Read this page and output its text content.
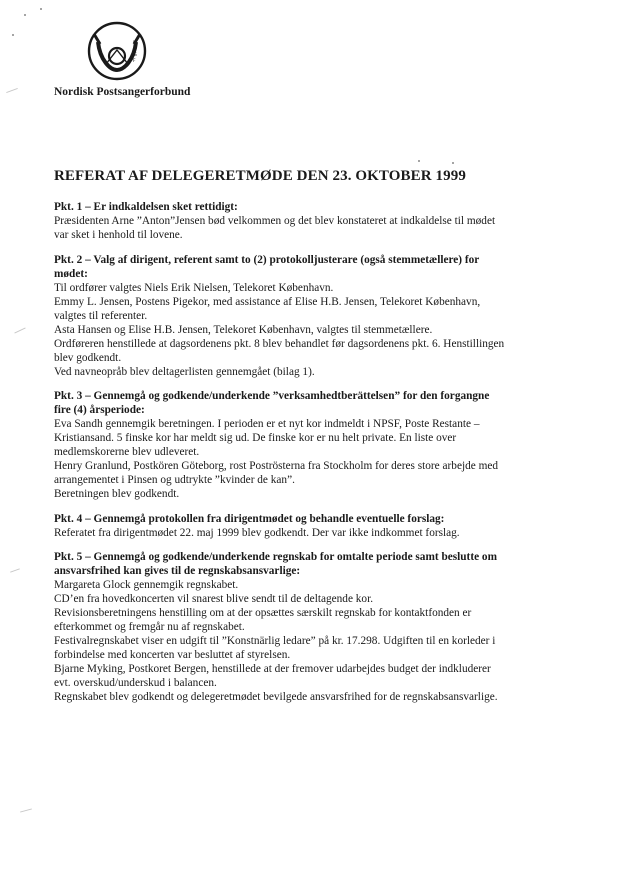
N
P
S
F
Nordisk Postsangerforbund
REFERAT AF DELEGERETMØDE DEN 23. OKTOBER 1999
Pkt. 1 – Er indkaldelsen sket rettidigt:
Præsidenten Arne ”Anton”Jensen bød velkommen og det blev konstateret at indkaldelse til mødet
var sket i henhold til lovene.
Pkt. 2 – Valg af dirigent, referent samt to (2) protokolljusterare (også stemmetællere) for
mødet:
Til ordfører valgtes Niels Erik Nielsen, Telekoret København.
Emmy L. Jensen, Postens Pigekor, med assistance af Elise H.B. Jensen, Telekoret København,
valgtes til referenter.
Asta Hansen og Elise H.B. Jensen, Telekoret København, valgtes til stemmetællere.
Ordføreren henstillede at dagsordenens pkt. 8 blev behandlet før dagsordenens pkt. 6. Henstillingen
blev godkendt.
Ved navneopråb blev deltagerlisten gennemgået (bilag 1).
Pkt. 3 – Gennemgå og godkende/underkende ”verksamhedtberättelsen” for den forgangne
fire (4) årsperiode:
Eva Sandh gennemgik beretningen. I perioden er et nyt kor indmeldt i NPSF, Poste Restante –
Kristiansand. 5 finske kor har meldt sig ud. De finske kor er nu helt private. En liste over
medlemskorerne blev udleveret.
Henry Granlund, Postkören Göteborg, rost Poströsterna fra Stockholm for deres store arbejde med
arrangementet i Pinsen og udtrykte ”kvinder de kan”.
Beretningen blev godkendt.
Pkt. 4 – Gennemgå protokollen fra dirigentmødet og behandle eventuelle forslag:
Referatet fra dirigentmødet 22. maj 1999 blev godkendt. Der var ikke indkommet forslag.
Pkt. 5 – Gennemgå og godkende/underkende regnskab for omtalte periode samt beslutte om
ansvarsfrihed kan gives til de regnskabsansvarlige:
Margareta Glock gennemgik regnskabet.
CD’en fra hovedkoncerten vil snarest blive sendt til de deltagende kor.
Revisionsberetningens henstilling om at der opsættes særskilt regnskab for kontaktfonden er
efterkommet og fremgår nu af regnskabet.
Festivalregnskabet viser en udgift til ”Konstnärlig ledare” på kr. 17.298. Udgiften til en korleder i
forbindelse med koncerten var besluttet af styrelsen.
Bjarne Myking, Postkoret Bergen, henstillede at der fremover udarbejdes budget der indkluderer
evt. overskud/underskud i balancen.
Regnskabet blev godkendt og delegeretmødet bevilgede ansvarsfrihed for de regnskabsansvarlige.
